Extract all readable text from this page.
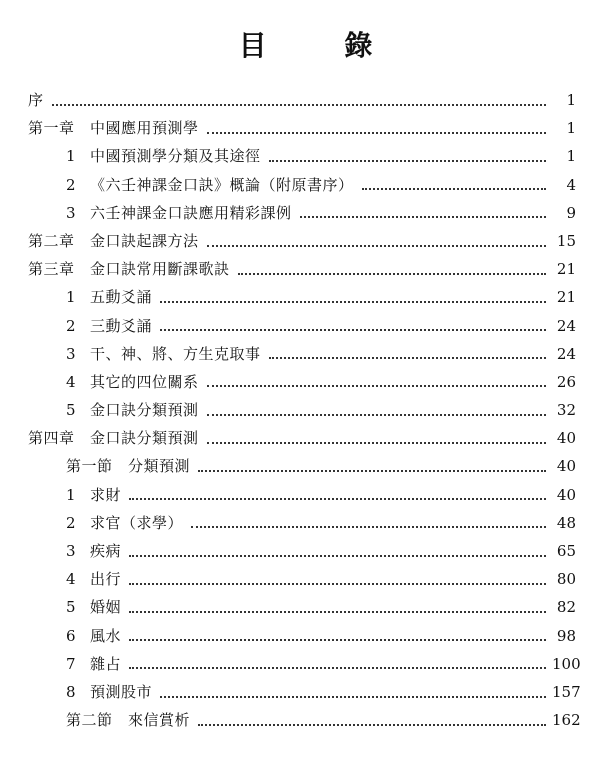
目 錄
序	1
第一章　中國應用預測學	1
1 中國預測學分類及其途徑	1
2 《六壬神課金口訣》概論（附原書序）	4
3 六壬神課金口訣應用精彩課例	9
第二章　金口訣起課方法	15
第三章　金口訣常用斷課歌訣	21
1 五動爻誦	21
2 三動爻誦	24
3 干、神、將、方生克取事	24
4 其它的四位關系	26
5 金口訣分類預測	32
第四章　金口訣分類預測	40
第一節　分類預測	40
1 求財	40
2 求官（求學）	48
3 疾病	65
4 出行	80
5 婚姻	82
6 風水	98
7 雜占	100
8 預測股市	157
第二節　來信賞析	162
